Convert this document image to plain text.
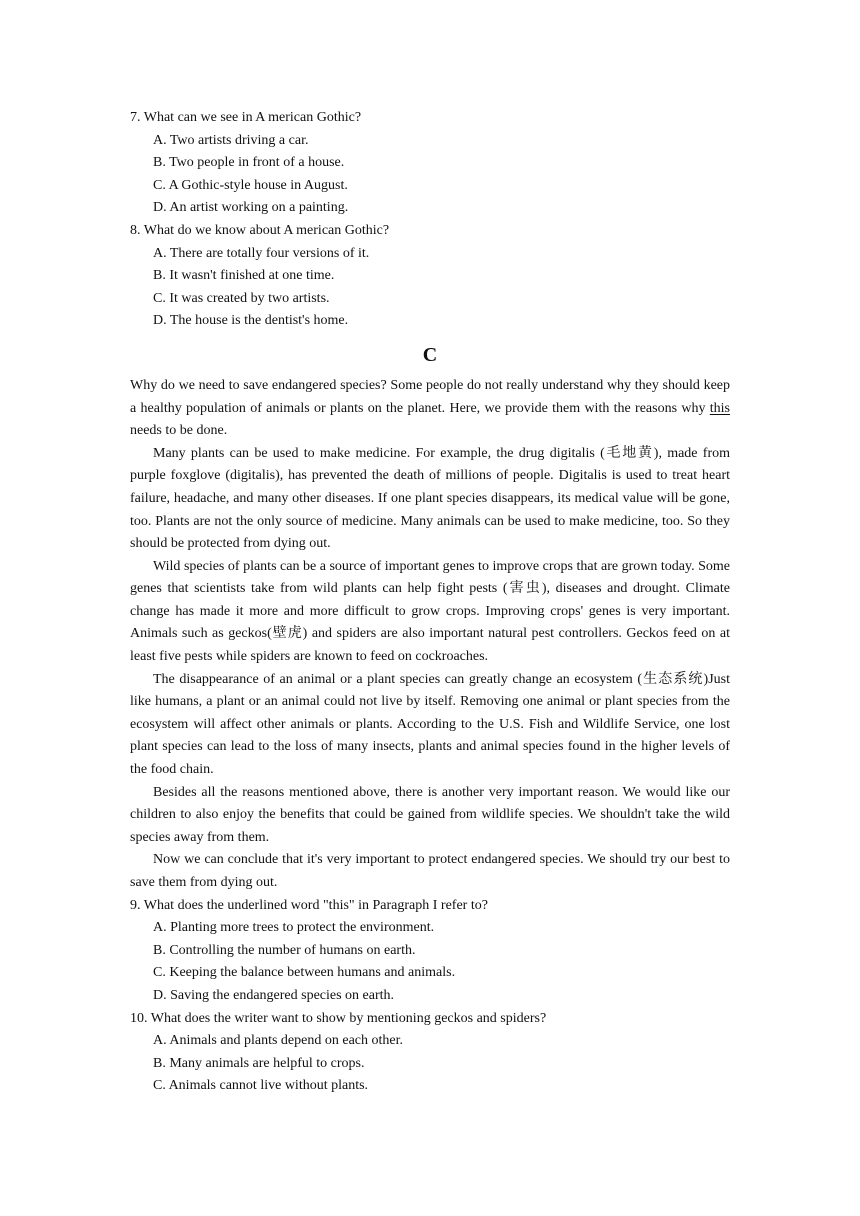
7. What can we see in A merican Gothic?
A. Two artists driving a car.
B. Two people in front of a house.
C. A Gothic-style house in August.
D. An artist working on a painting.
8. What do we know about A merican Gothic?
A. There are totally four versions of it.
B. It wasn't finished at one time.
C. It was created by two artists.
D. The house is the dentist's home.
C

Why do we need to save endangered species? Some people do not really understand why they should keep a healthy population of animals or plants on the planet. Here, we provide them with the reasons why this needs to be done.

Many plants can be used to make medicine. For example, the drug digitalis (毛地黄), made from purple foxglove (digitalis), has prevented the death of millions of people. Digitalis is used to treat heart failure, headache, and many other diseases. If one plant species disappears, its medical value will be gone, too. Plants are not the only source of medicine. Many animals can be used to make medicine, too. So they should be protected from dying out.

Wild species of plants can be a source of important genes to improve crops that are grown today. Some genes that scientists take from wild plants can help fight pests (害虫), diseases and drought. Climate change has made it more and more difficult to grow crops. Improving crops' genes is very important. Animals such as geckos(壁虎) and spiders are also important natural pest controllers. Geckos feed on at least five pests while spiders are known to feed on cockroaches.

The disappearance of an animal or a plant species can greatly change an ecosystem (生态系统)Just like humans, a plant or an animal could not live by itself. Removing one animal or plant species from the ecosystem will affect other animals or plants. According to the U.S. Fish and Wildlife Service, one lost plant species can lead to the loss of many insects, plants and animal species found in the higher levels of the food chain.

Besides all the reasons mentioned above, there is another very important reason. We would like our children to also enjoy the benefits that could be gained from wildlife species. We shouldn't take the wild species away from them.

Now we can conclude that it's very important to protect endangered species. We should try our best to save them from dying out.

9. What does the underlined word "this" in Paragraph I refer to?
A. Planting more trees to protect the environment.
B. Controlling the number of humans on earth.
C. Keeping the balance between humans and animals.
D. Saving the endangered species on earth.
10. What does the writer want to show by mentioning geckos and spiders?
A. Animals and plants depend on each other.
B. Many animals are helpful to crops.
C. Animals cannot live without plants.
